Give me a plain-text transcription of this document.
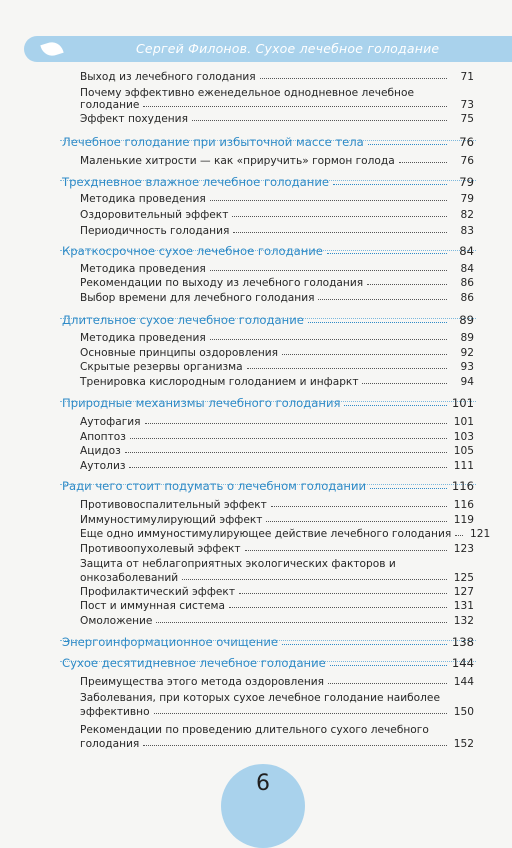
Сергей Филонов. Сухое лечебное голодание
Выход из лечебного голодания	71
Почему эффективно еженедельное однодневное лечебное
голодание	73
Эффект похудения	75
Лечебное голодание при избыточной массе тела	76
Маленькие хитрости — как «приручить» гормон голода	76
Трехдневное влажное лечебное голодание	79
Методика проведения	79
Оздоровительный эффект	82
Периодичность голодания	83
Краткосрочное сухое лечебное голодание	84
Методика проведения	84
Рекомендации по выходу из лечебного голодания	86
Выбор времени для лечебного голодания	86
Длительное сухое лечебное голодание	89
Методика проведения	89
Основные принципы оздоровления	92
Скрытые резервы организма	93
Тренировка кислородным голоданием и инфаркт	94
Природные механизмы лечебного голодания	101
Аутофагия	101
Апоптоз	103
Ацидоз	105
Аутолиз	111
Ради чего стоит подумать о лечебном голодании	116
Противовоспалительный эффект	116
Иммуностимулирующий эффект	119
Еще одно иммуностимулирующее действие лечебного голодания	121
Противоопухолевый эффект	123
Защита от неблагоприятных экологических факторов и
онкозаболеваний	125
Профилактический эффект	127
Пост и иммунная система	131
Омоложение	132
Энергоинформационное очищение	138
Сухое десятидневное лечебное голодание	144
Преимущества этого метода оздоровления	144
Заболевания, при которых сухое лечебное голодание наиболее
эффективно	150
Рекомендации по проведению длительного сухого лечебного
голодания	152
6
